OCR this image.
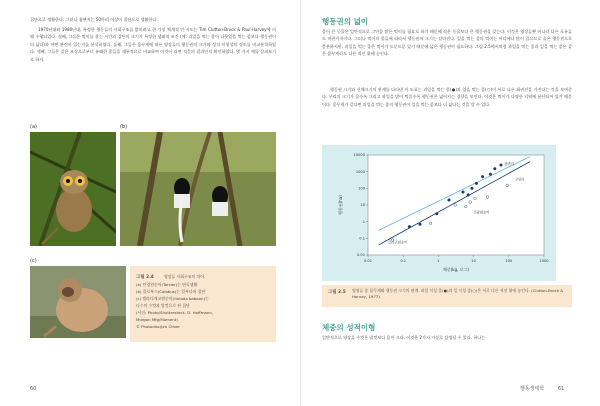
집단으로 생활한다. 그러나 침팬지는 50마리 이상이 집단으로 생활한다.

1970년대와 1980년대, 특정한 행동들의 사회구조를 밝히려고 한 가장 체계적 인 시도는 Tim Clutton-Brock & Paul Harvey에 의해 수행되었다. 첫째, 그들은 먹이를 찾는 시간과 집단의 크기가 특정한 생태적 조건 (예: 과일을 먹는 종이 나뭇잎을 먹는 종보다 행동권이 더 넓다)과 어떤 관련이 있는지를 분석하였다. 둘째, 그들은 몸무게에 따른 영장류의 행동권의 크기와 성적 이형성의 정도를 비교분석하였다. 셋째, 그들은 같은 조상으로부터 유래한 종들을 계통적으로 비교하여 이것이 과연 적응의 결과인지 확인하였다. 몇 가지 예를 살펴보기로 하자.

(a)	(b)
(c)
그림 2.4	영장류 사회구조의 차이.

(a) 안경원숭이(Tarsier)는 단독생활

(b) 콜로부스(Colobus)는 일부다처 집단

(c) 겔라다개코원숭이(Gelada baboon)는

다수의 수컷과 암컷으로 된 집단

(사진: Photo/Shutterstock, D. Hoffmann,

Morgan Mfg/Moment)

© Photodisc/Jen Oliver

60

행동권의 넓이

몸이 큰 동물은 일반적으로 그만큼 많은 먹이를 필요로 하기 때문에 작은 동물보다 큰 행동권을 갖는다. 이것은 영장류뿐 아니라 다른 포유류도 마찬가지이다. 그러나 먹이의 종류에 따라서 행동권의 크기는 달라진다. 잎을 먹는 종의 먹이는 어디에나 많이 있으므로 좁은 행동권으로 충분하지만, 과일을 먹는 종은 먹이가 드문드문 있기 때문에 넓은 행동권이 필요하다. 그림 2.5에서처럼 과일을 먹는 종과 잎을 먹는 종은 같은 몸무게라도 다른 직선 위에 놓인다.

행동권 크기와 신체크기의 관계를 나타낸 이 도표는 과일을 먹는 종(●)과 잎을 먹는 종(○)이 서로 다른 회귀선을 가진다는 것을 보여준다. 무리의 크기가 클수록 그리고 과일을 많이 먹을수록 행동권은 넓어지는 경향을 보인다. 이것은 먹이가 다양한 지역에 분산되어 있기 때문이다. 몸무게가 같다면 과일을 먹는 종의 행동권이 잎을 먹는 종보다 더 넓다는 것을 알 수 있다.

0.01	0.1	1	10	100	1000
0.01
0.1
1
10
100
1000
10000
체중(kg, 로그)
행동권(ha)
침팬지
고릴라
긴팔원숭이
갈라고원숭이
그림 2.5 영장류 종 몸무게와 행동권 크기의 관계. 과일 식성 종(●)과 잎 식성 종(○)은 서로 다른 직선 위에 놓인다. (Clutton-Brock & Harvey, 1977)

체중의 성적이형

일반적으로 영장류 수컷은 암컷보다 몸이 크다. 이것은 2가지 가설로 설명될 수 있다. 하나는

행동생태학	61
